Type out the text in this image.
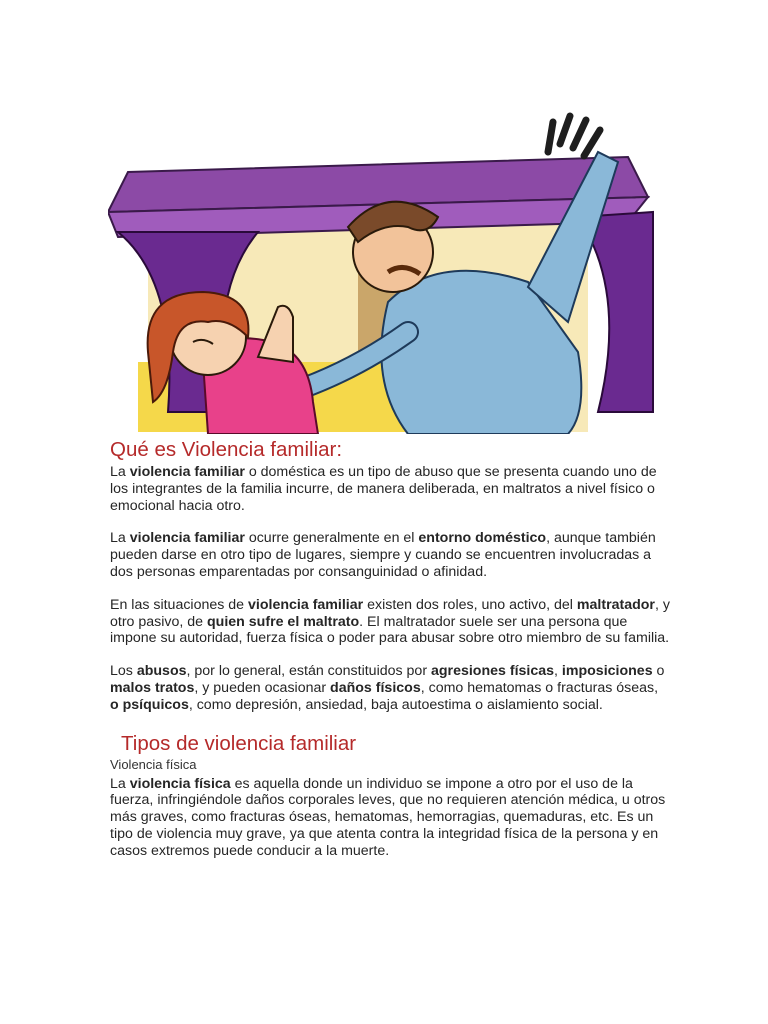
Qué es Violencia familiar:

La violencia familiar o doméstica es un tipo de abuso que se presenta cuando uno de los integrantes de la familia incurre, de manera deliberada, en maltratos a nivel físico o emocional hacia otro.

La violencia familiar ocurre generalmente en el entorno doméstico, aunque también pueden darse en otro tipo de lugares, siempre y cuando se encuentren involucradas a dos personas emparentadas por consanguinidad o afinidad.

En las situaciones de violencia familiar existen dos roles, uno activo, del maltratador, y otro pasivo, de quien sufre el maltrato. El maltratador suele ser una persona que impone su autoridad, fuerza física o poder para abusar sobre otro miembro de su familia.

Los abusos, por lo general, están constituidos por agresiones físicas, imposiciones o malos tratos, y pueden ocasionar daños físicos, como hematomas o fracturas óseas, o psíquicos, como depresión, ansiedad, baja autoestima o aislamiento social.

Tipos de violencia familiar
Violencia física

La violencia física es aquella donde un individuo se impone a otro por el uso de la fuerza, infringiéndole daños corporales leves, que no requieren atención médica, u otros más graves, como fracturas óseas, hematomas, hemorragias, quemaduras, etc. Es un tipo de violencia muy grave, ya que atenta contra la integridad física de la persona y en casos extremos puede conducir a la muerte.
